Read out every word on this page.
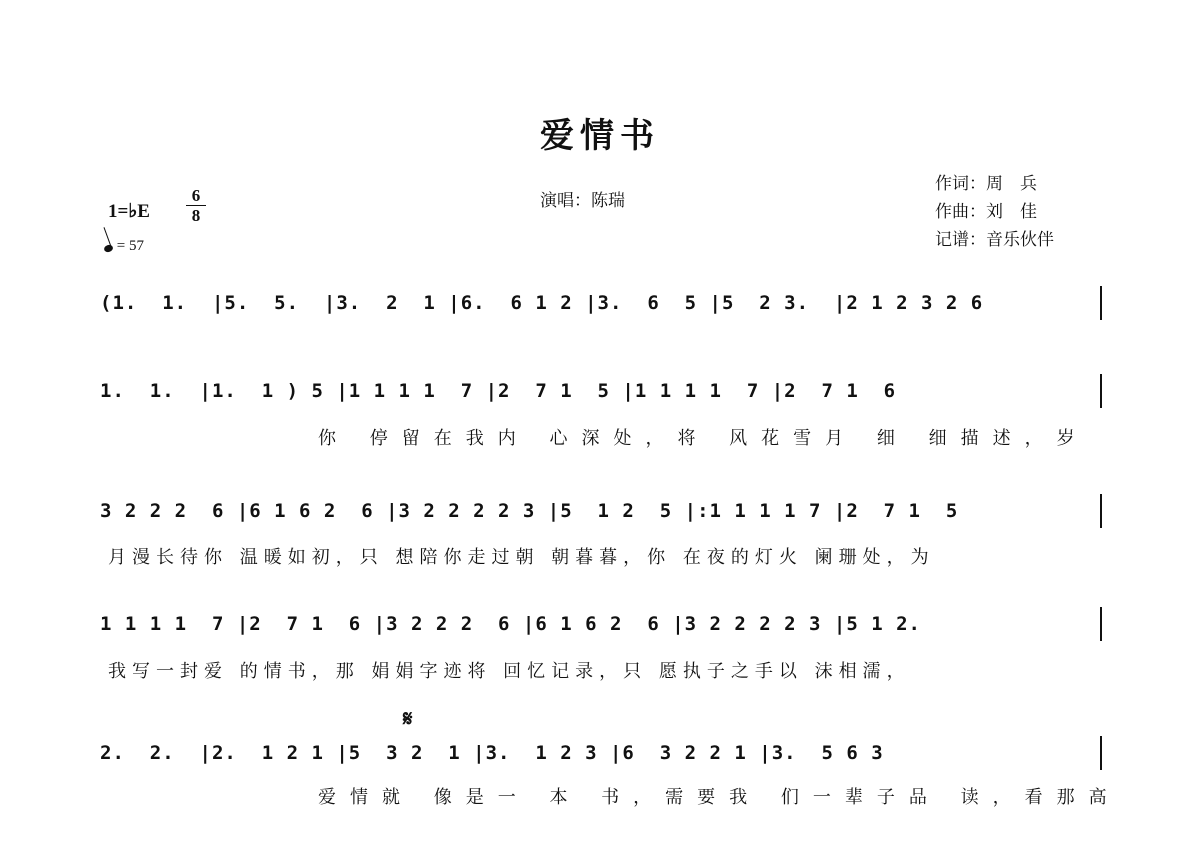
爱情书
演唱：陈瑞
作词：周　兵
作曲：刘　佳
记谱：音乐伙伴
1=♭E $\frac{6}{8}$
= 57
(1.  1.  |5.  5.  |3.  2  1 |6.  6 1 2 |3.  6  5 |5  2 3.  |2 1 2 3 2 6
1.  1.  |1.  1 ) 5 |1 1 1 1  7 |2  7 1  5 |1 1 1 1  7 |2  7 1  6
你 停留在我内 心深处，将 风花雪月 细 细描述，岁
3 2 2 2  6 |6 1 6 2  6 |3 2 2 2 2 3 |5  1 2  5 |:1 1 1 1 7 |2  7 1  5
月漫长待你 温暖如初，只 想陪你走过朝 朝暮暮，你 在夜的灯火 阑珊处，为
1 1 1 1  7 |2  7 1  6 |3 2 2 2  6 |6 1 6 2  6 |3 2 2 2 2 3 |5 1 2.
我写一封爱 的情书，那 娟娟字迹将 回忆记录，只 愿执子之手以 沫相濡，
𝄋
2.  2.  |2.  1 2 1 |5  3 2  1 |3.  1 2 3 |6  3 2 2 1 |3.  5 6 3
爱情就 像是一 本 书，需要我 们一辈子品 读，看那高
